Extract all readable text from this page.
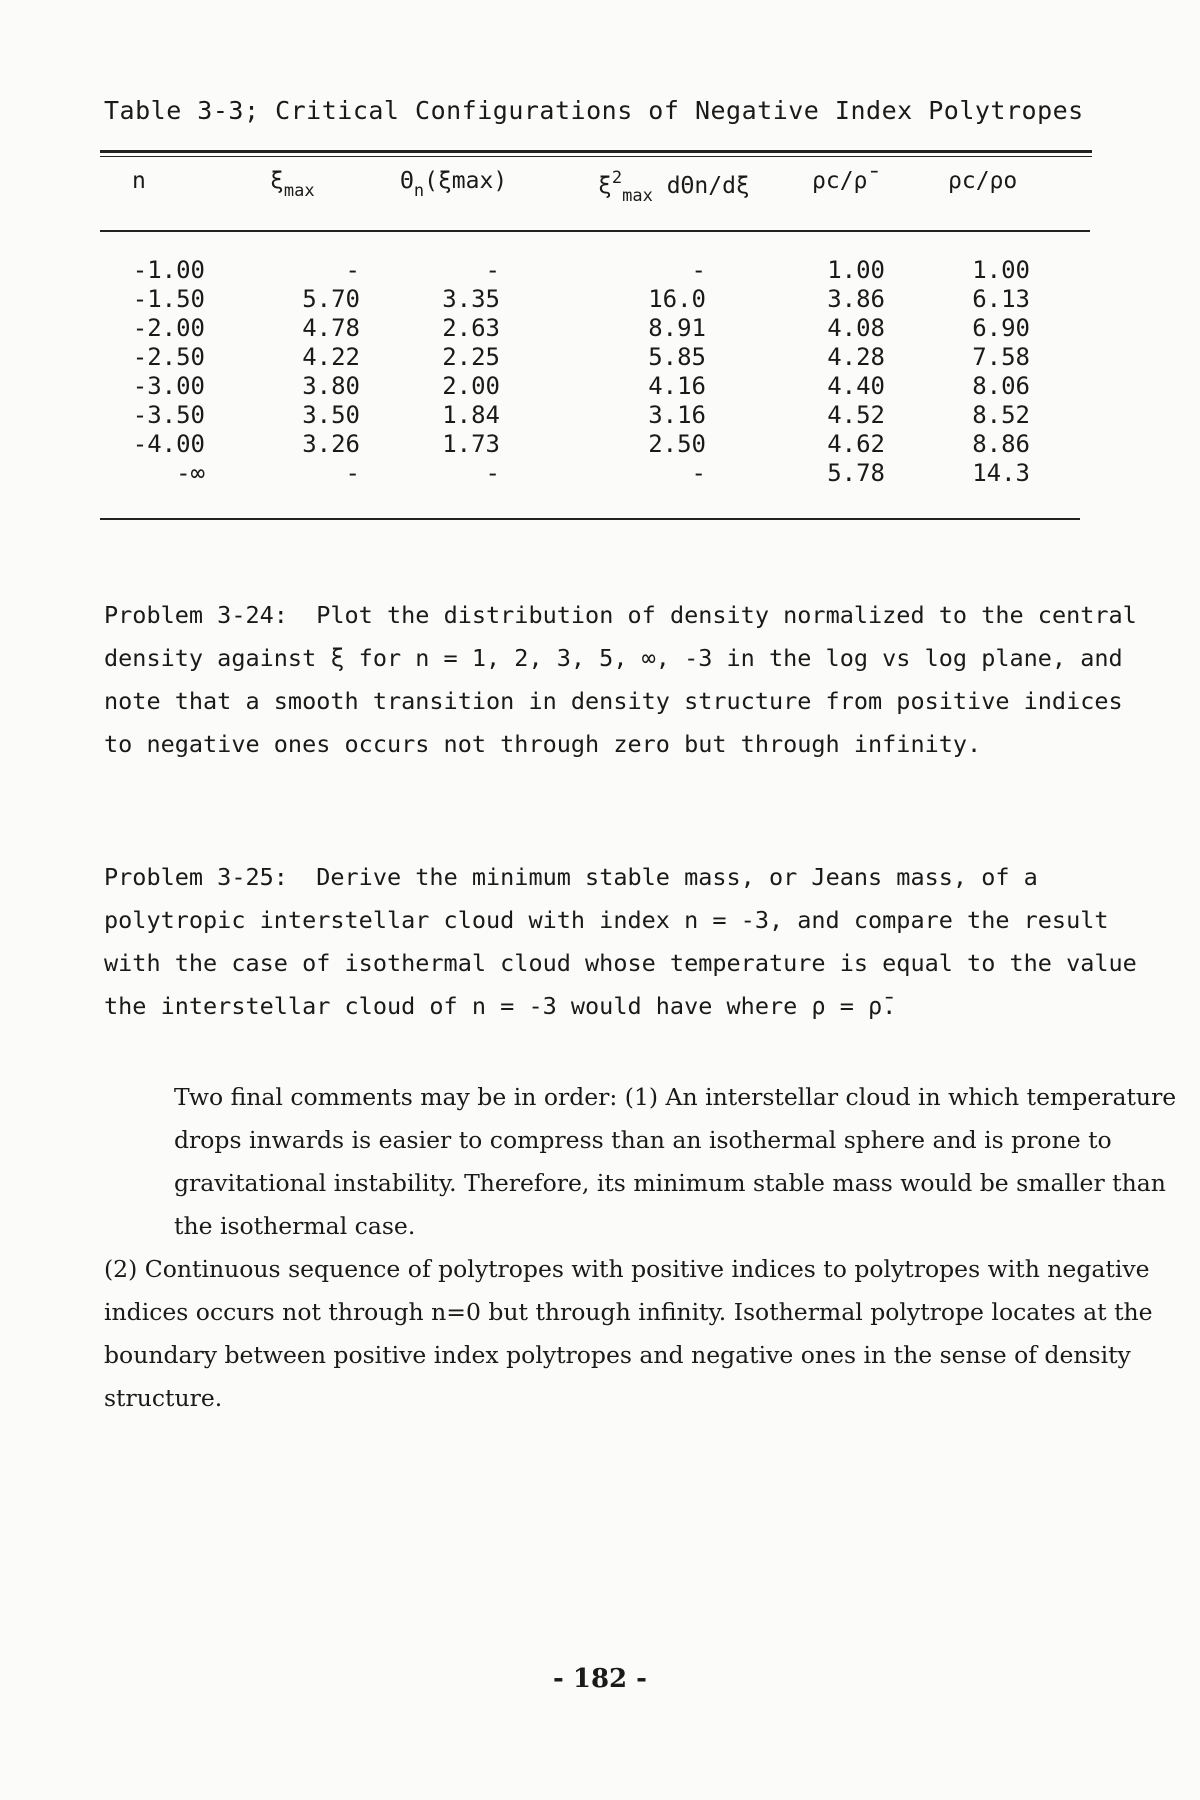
Table 3-3; Critical Configurations of Negative Index Polytropes
n	$\xi_{max}$	$\Theta_n(\xi\max)$	$\xi^2_{max}$ dΘn/dξ	ρc/ρ̄	ρc/ρo
-1.00	-	-	-	1.00	1.00
-1.50	5.70	3.35	16.0	3.86	6.13
-2.00	4.78	2.63	8.91	4.08	6.90
-2.50	4.22	2.25	5.85	4.28	7.58
-3.00	3.80	2.00	4.16	4.40	8.06
-3.50	3.50	1.84	3.16	4.52	8.52
-4.00	3.26	1.73	2.50	4.62	8.86
-∞	-	-	-	5.78	14.3

Problem 3-24: Plot the distribution of density normalized to the central density against ξ for n = 1, 2, 3, 5, ∞, -3 in the log vs log plane, and note that a smooth transition in density structure from positive indices to negative ones occurs not through zero but through infinity.

Problem 3-25: Derive the minimum stable mass, or Jeans mass, of a polytropic interstellar cloud with index n = -3, and compare the result with the case of isothermal cloud whose temperature is equal to the value the interstellar cloud of n = -3 would have where ρ = ρ̄.

Two final comments may be in order: (1) An interstellar cloud in which temperature drops inwards is easier to compress than an isothermal sphere and is prone to gravitational instability. Therefore, its minimum stable mass would be smaller than the isothermal case.

(2) Continuous sequence of polytropes with positive indices to polytropes with negative indices occurs not through n=0 but through infinity. Isothermal polytrope locates at the boundary between positive index polytropes and negative ones in the sense of density structure.

- 182 -
